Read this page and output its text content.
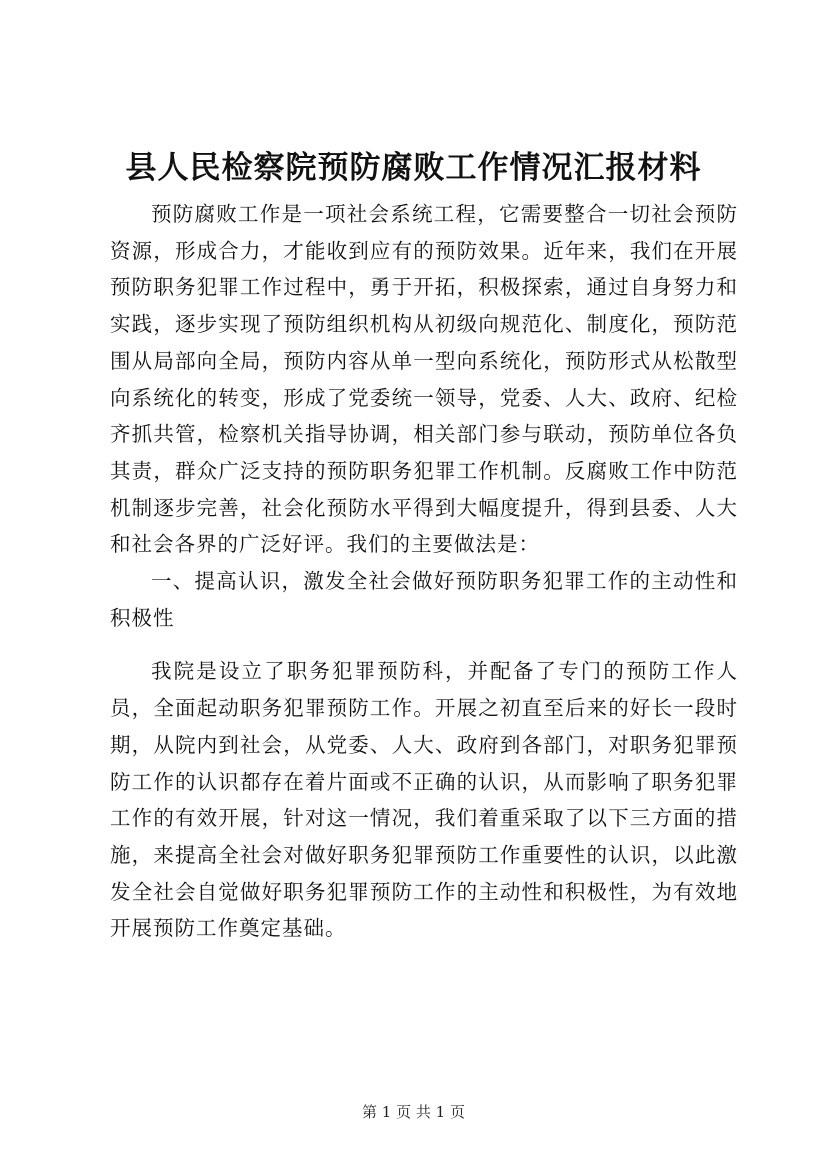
县人民检察院预防腐败工作情况汇报材料

预防腐败工作是一项社会系统工程，它需要整合一切社会预防资源，形成合力，才能收到应有的预防效果。近年来，我们在开展预防职务犯罪工作过程中，勇于开拓，积极探索，通过自身努力和实践，逐步实现了预防组织机构从初级向规范化、制度化，预防范围从局部向全局，预防内容从单一型向系统化，预防形式从松散型向系统化的转变，形成了党委统一领导，党委、人大、政府、纪检齐抓共管，检察机关指导协调，相关部门参与联动，预防单位各负其责，群众广泛支持的预防职务犯罪工作机制。反腐败工作中防范机制逐步完善，社会化预防水平得到大幅度提升，得到县委、人大和社会各界的广泛好评。我们的主要做法是：

一、提高认识，激发全社会做好预防职务犯罪工作的主动性和积极性

我院是设立了职务犯罪预防科，并配备了专门的预防工作人员，全面起动职务犯罪预防工作。开展之初直至后来的好长一段时期，从院内到社会，从党委、人大、政府到各部门，对职务犯罪预防工作的认识都存在着片面或不正确的认识，从而影响了职务犯罪工作的有效开展，针对这一情况，我们着重采取了以下三方面的措施，来提高全社会对做好职务犯罪预防工作重要性的认识，以此激发全社会自觉做好职务犯罪预防工作的主动性和积极性，为有效地开展预防工作奠定基础。

第 1 页 共 1 页
